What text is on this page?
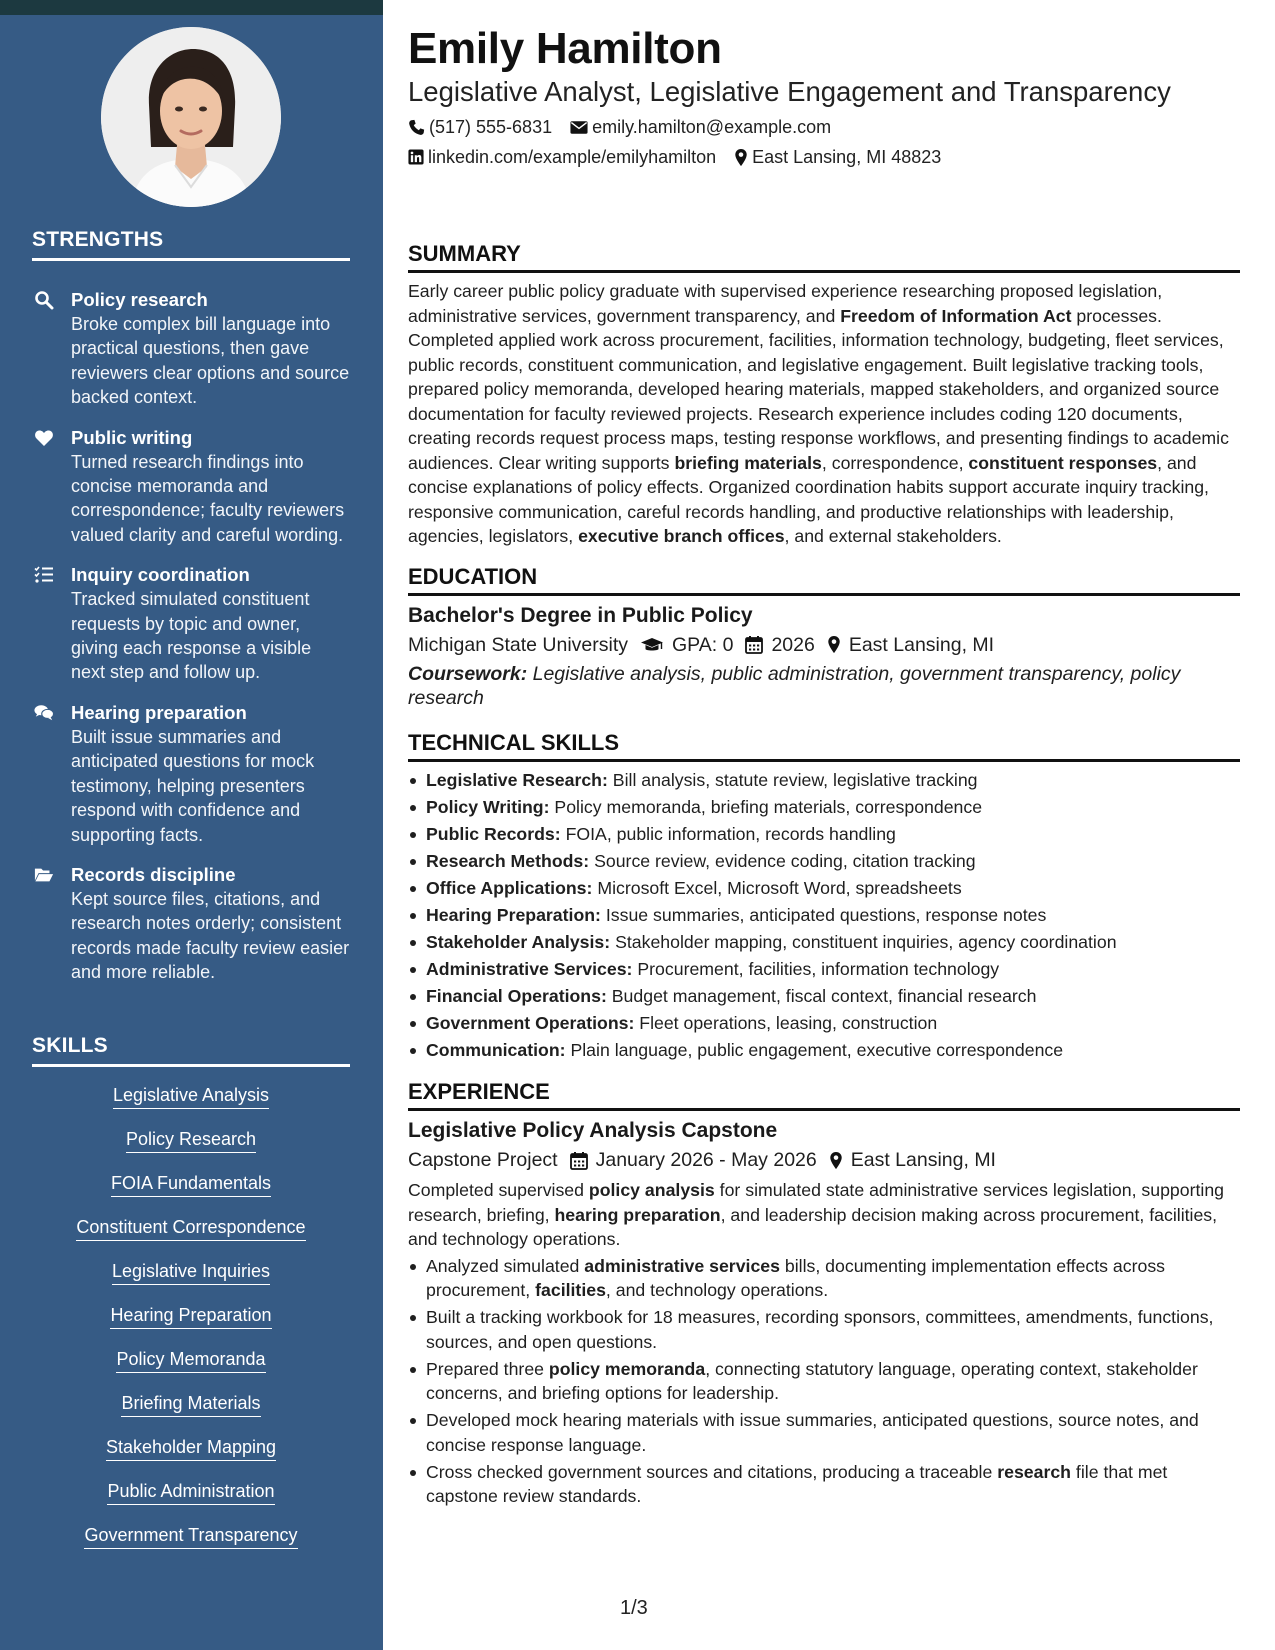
STRENGTHS
Policy research
Broke complex bill language into practical questions, then gave reviewers clear options and source backed context.
Public writing
Turned research findings into concise memoranda and correspondence; faculty reviewers valued clarity and careful wording.
Inquiry coordination
Tracked simulated constituent requests by topic and owner, giving each response a visible next step and follow up.
Hearing preparation
Built issue summaries and anticipated questions for mock testimony, helping presenters respond with confidence and supporting facts.
Records discipline
Kept source files, citations, and research notes orderly; consistent records made faculty review easier and more reliable.
SKILLS
Legislative Analysis
Policy Research
FOIA Fundamentals
Constituent Correspondence
Legislative Inquiries
Hearing Preparation
Policy Memoranda
Briefing Materials
Stakeholder Mapping
Public Administration
Government Transparency
Emily Hamilton
Legislative Analyst, Legislative Engagement and Transparency
(517) 555-6831 emily.hamilton@example.com
linkedin.com/example/emilyhamilton East Lansing, MI 48823
SUMMARY
Early career public policy graduate with supervised experience researching proposed legislation, administrative services, government transparency, and Freedom of Information Act processes. Completed applied work across procurement, facilities, information technology, budgeting, fleet services, public records, constituent communication, and legislative engagement. Built legislative tracking tools, prepared policy memoranda, developed hearing materials, mapped stakeholders, and organized source documentation for faculty reviewed projects. Research experience includes coding 120 documents, creating records request process maps, testing response workflows, and presenting findings to academic audiences. Clear writing supports briefing materials, correspondence, constituent responses, and concise explanations of policy effects. Organized coordination habits support accurate inquiry tracking, responsive communication, careful records handling, and productive relationships with leadership, agencies, legislators, executive branch offices, and external stakeholders.
EDUCATION
Bachelor's Degree in Public Policy
Michigan State University GPA: 0 2026 East Lansing, MI
Coursework: Legislative analysis, public administration, government transparency, policy research
TECHNICAL SKILLS
Legislative Research: Bill analysis, statute review, legislative tracking
Policy Writing: Policy memoranda, briefing materials, correspondence
Public Records: FOIA, public information, records handling
Research Methods: Source review, evidence coding, citation tracking
Office Applications: Microsoft Excel, Microsoft Word, spreadsheets
Hearing Preparation: Issue summaries, anticipated questions, response notes
Stakeholder Analysis: Stakeholder mapping, constituent inquiries, agency coordination
Administrative Services: Procurement, facilities, information technology
Financial Operations: Budget management, fiscal context, financial research
Government Operations: Fleet operations, leasing, construction
Communication: Plain language, public engagement, executive correspondence
EXPERIENCE
Legislative Policy Analysis Capstone
Capstone Project January 2026 - May 2026 East Lansing, MI
Completed supervised policy analysis for simulated state administrative services legislation, supporting research, briefing, hearing preparation, and leadership decision making across procurement, facilities, and technology operations.
Analyzed simulated administrative services bills, documenting implementation effects across procurement, facilities, and technology operations.
Built a tracking workbook for 18 measures, recording sponsors, committees, amendments, functions, sources, and open questions.
Prepared three policy memoranda, connecting statutory language, operating context, stakeholder concerns, and briefing options for leadership.
Developed mock hearing materials with issue summaries, anticipated questions, source notes, and concise response language.
Cross checked government sources and citations, producing a traceable research file that met capstone review standards.
1/3
